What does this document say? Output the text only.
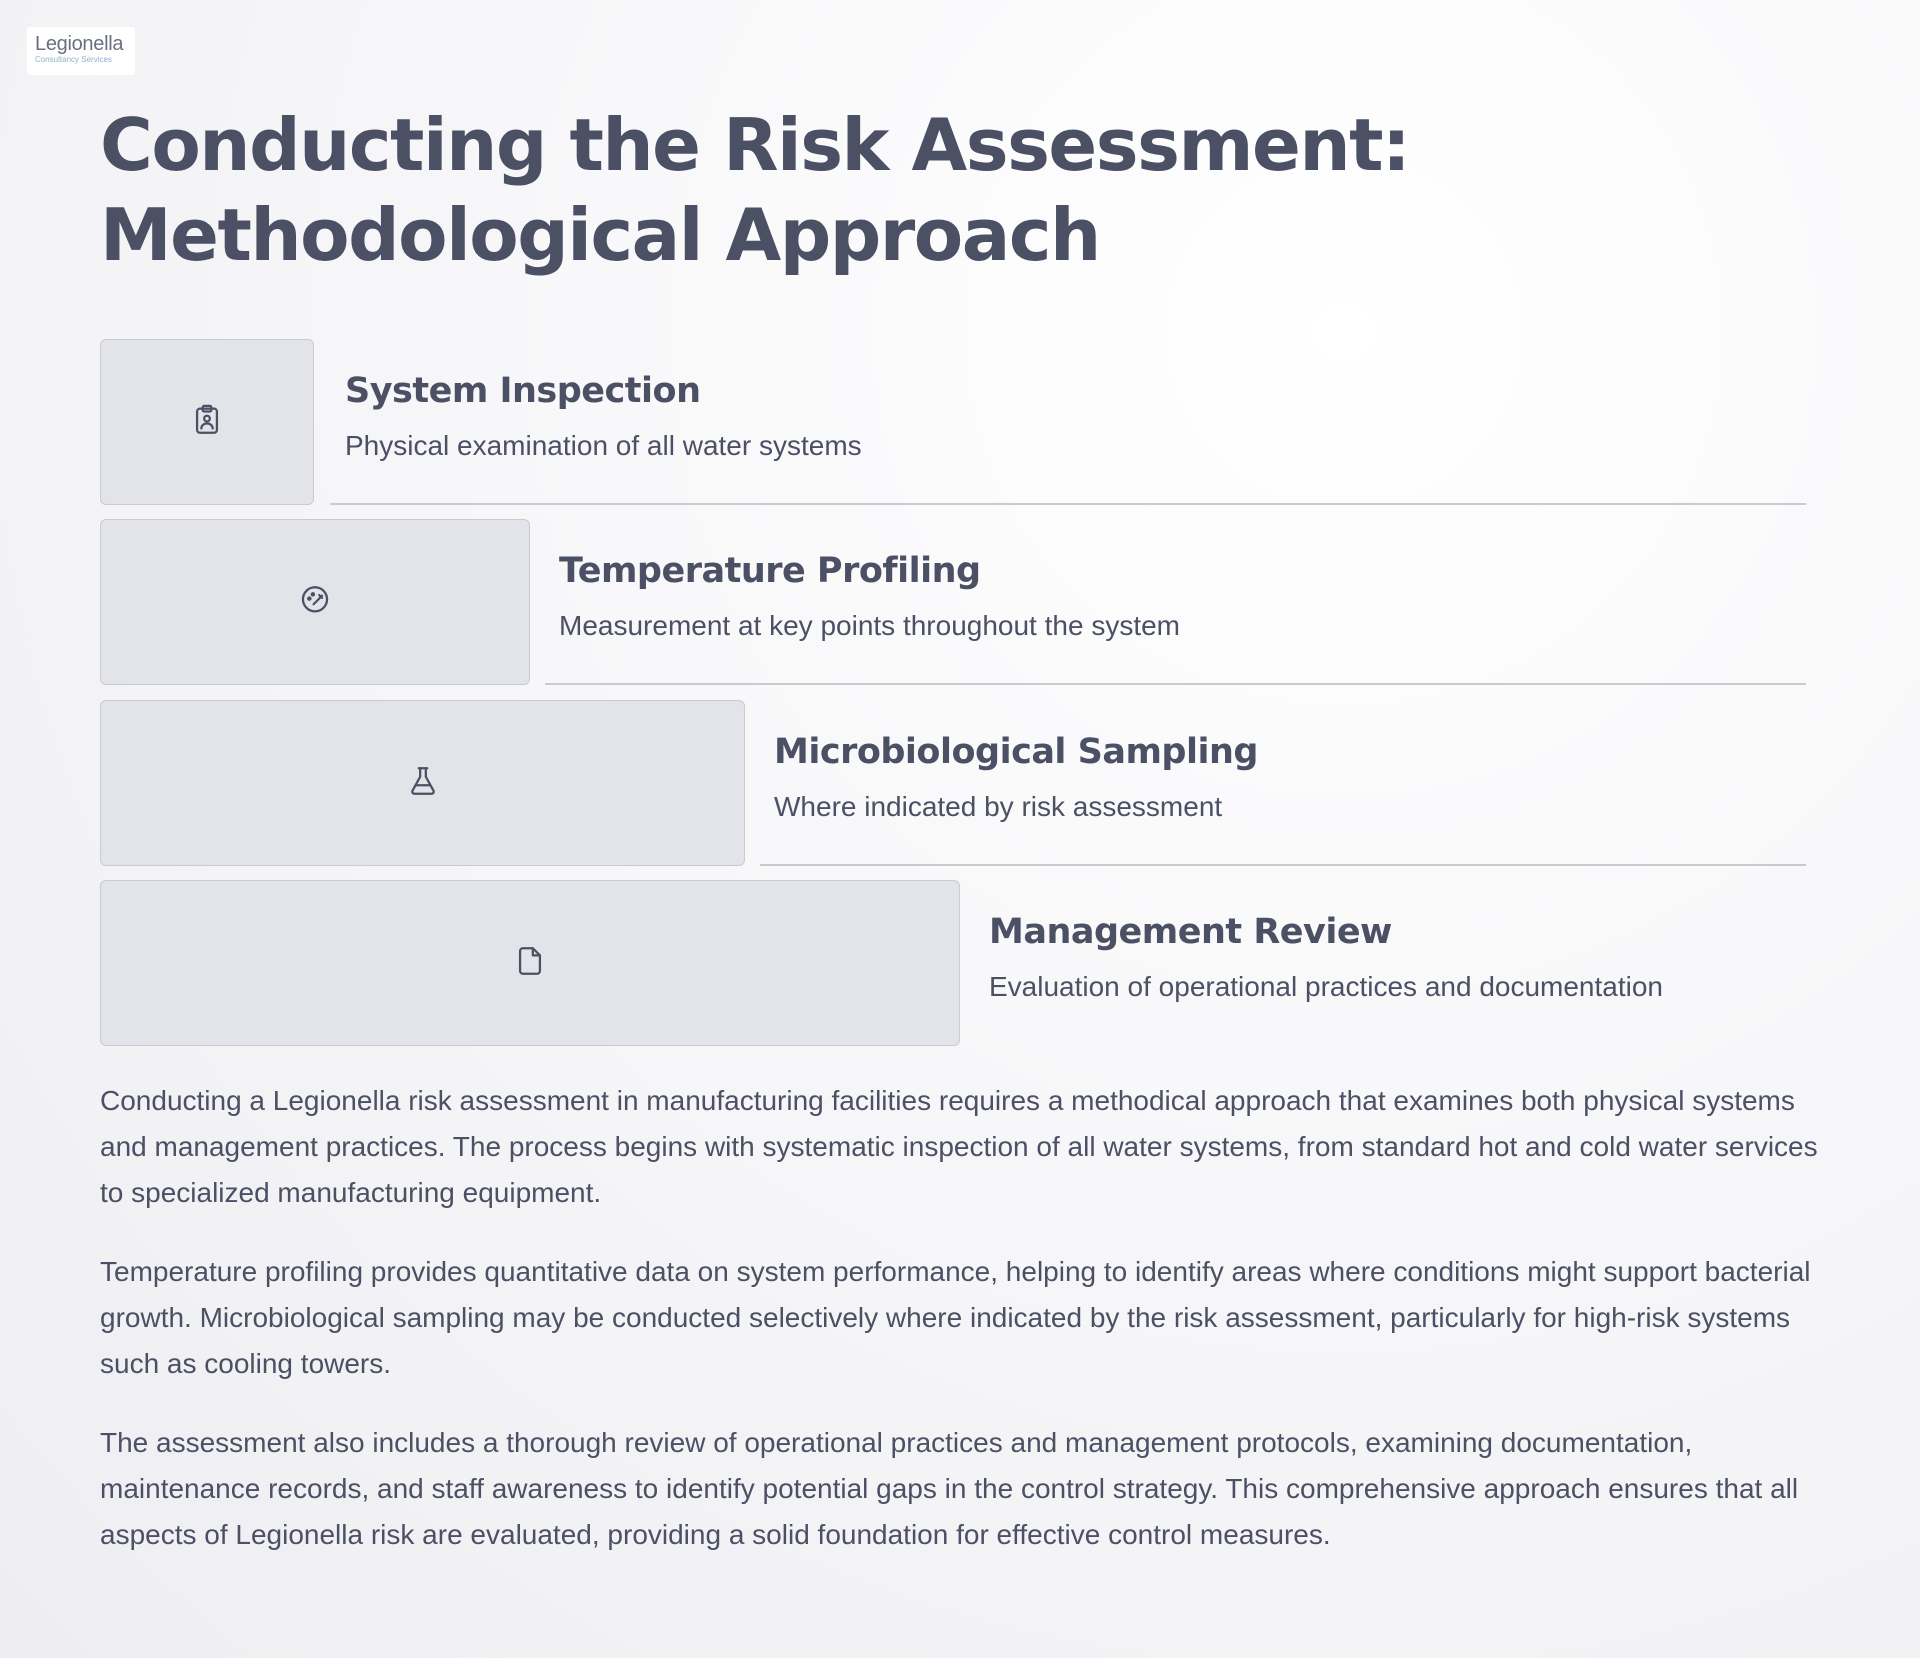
Legionella
Consultancy Services
Conducting the Risk Assessment: Methodological Approach
System Inspection
Physical examination of all water systems
Temperature Profiling
Measurement at key points throughout the system
Microbiological Sampling
Where indicated by risk assessment
Management Review
Evaluation of operational practices and documentation

Conducting a Legionella risk assessment in manufacturing facilities requires a methodical approach that examines both physical systems and management practices. The process begins with systematic inspection of all water systems, from standard hot and cold water services to specialized manufacturing equipment.

Temperature profiling provides quantitative data on system performance, helping to identify areas where conditions might support bacterial growth. Microbiological sampling may be conducted selectively where indicated by the risk assessment, particularly for high-risk systems such as cooling towers.

The assessment also includes a thorough review of operational practices and management protocols, examining documentation, maintenance records, and staff awareness to identify potential gaps in the control strategy. This comprehensive approach ensures that all aspects of Legionella risk are evaluated, providing a solid foundation for effective control measures.
